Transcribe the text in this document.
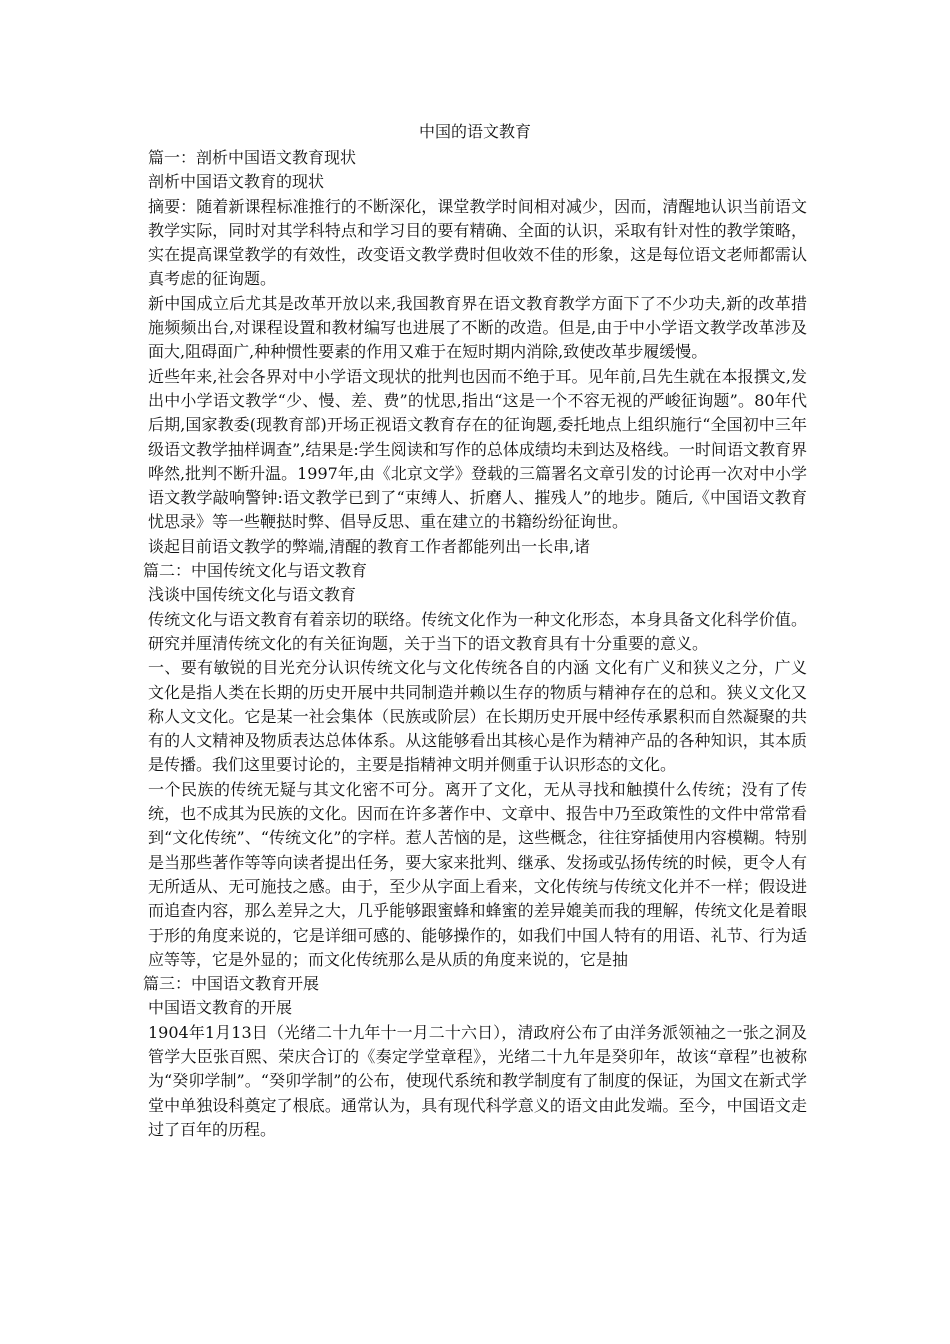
中国的语文教育
篇一：剖析中国语文教育现状
剖析中国语文教育的现状
摘要：随着新课程标准推行的不断深化，课堂教学时间相对减少，因而，清醒地认识当前语文教学实际，同时对其学科特点和学习目的要有精确、全面的认识，采取有针对性的教学策略，实在提高课堂教学的有效性，改变语文教学费时但收效不佳的形象，这是每位语文老师都需认真考虑的征询题。
新中国成立后尤其是改革开放以来,我国教育界在语文教育教学方面下了不少功夫,新的改革措施频频出台,对课程设置和教材编写也进展了不断的改造。但是,由于中小学语文教学改革涉及面大,阻碍面广,种种惯性要素的作用又难于在短时期内消除,致使改革步履缓慢。
近些年来,社会各界对中小学语文现状的批判也因而不绝于耳。见年前,吕先生就在本报撰文,发出中小学语文教学“少、慢、差、费”的忧思,指出“这是一个不容无视的严峻征询题”。80年代后期,国家教委(现教育部)开场正视语文教育存在的征询题,委托地点上组织施行“全国初中三年级语文教学抽样调查”,结果是:学生阅读和写作的总体成绩均未到达及格线。一时间语文教育界哗然,批判不断升温。1997年,由《北京文学》登载的三篇署名文章引发的讨论再一次对中小学语文教学敲响警钟:语文教学已到了“束缚人、折磨人、摧残人”的地步。随后,《中国语文教育忧思录》等一些鞭挞时弊、倡导反思、重在建立的书籍纷纷征询世。
谈起目前语文教学的弊端,清醒的教育工作者都能列出一长串,诸
篇二：中国传统文化与语文教育
浅谈中国传统文化与语文教育
传统文化与语文教育有着亲切的联络。传统文化作为一种文化形态，本身具备文化科学价值。研究并厘清传统文化的有关征询题，关于当下的语文教育具有十分重要的意义。
一、要有敏锐的目光充分认识传统文化与文化传统各自的内涵 文化有广义和狭义之分，广义文化是指人类在长期的历史开展中共同制造并赖以生存的物质与精神存在的总和。狭义文化又称人文文化。它是某一社会集体（民族或阶层）在长期历史开展中经传承累积而自然凝聚的共有的人文精神及物质表达总体体系。从这能够看出其核心是作为精神产品的各种知识，其本质是传播。我们这里要讨论的，主要是指精神文明并侧重于认识形态的文化。
一个民族的传统无疑与其文化密不可分。离开了文化，无从寻找和触摸什么传统；没有了传统，也不成其为民族的文化。因而在许多著作中、文章中、报告中乃至政策性的文件中常常看到“文化传统”、“传统文化”的字样。惹人苦恼的是，这些概念，往往穿插使用内容模糊。特别是当那些著作等等向读者提出任务，要大家来批判、继承、发扬或弘扬传统的时候，更令人有无所适从、无可施技之感。由于，至少从字面上看来，文化传统与传统文化并不一样；假设进而追查内容，那么差异之大，几乎能够跟蜜蜂和蜂蜜的差异媲美而我的理解，传统文化是着眼于形的角度来说的，它是详细可感的、能够操作的，如我们中国人特有的用语、礼节、行为适应等等，它是外显的；而文化传统那么是从质的角度来说的，它是抽
篇三：中国语文教育开展
中国语文教育的开展
1904年1月13日（光绪二十九年十一月二十六日），清政府公布了由洋务派领袖之一张之洞及管学大臣张百熙、荣庆合订的《奏定学堂章程》，光绪二十九年是癸卯年，故该“章程”也被称为“癸卯学制”。“癸卯学制”的公布，使现代系统和教学制度有了制度的保证，为国文在新式学堂中单独设科奠定了根底。通常认为，具有现代科学意义的语文由此发端。至今，中国语文走过了百年的历程。
